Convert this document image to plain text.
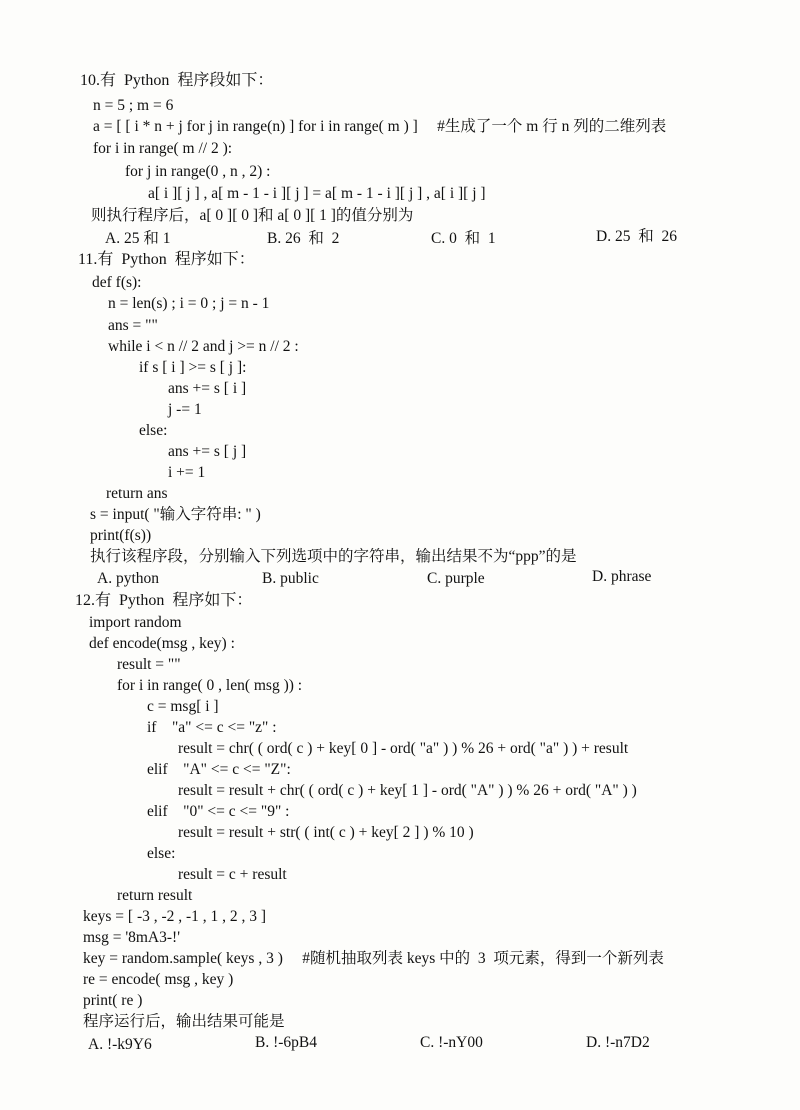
10.有  Python  程序段如下：
n = 5 ; m = 6
a = [ [ i * n + j for j in range(n) ] for i in range( m ) ]     #生成了一个 m 行 n 列的二维列表
for i in range( m // 2 ):
for j in range(0 , n , 2) :
a[ i ][ j ] , a[ m - 1 - i ][ j ] = a[ m - 1 - i ][ j ] , a[ i ][ j ]
则执行程序后，a[ 0 ][ 0 ]和 a[ 0 ][ 1 ]的值分别为
A. 25 和 1	B. 26  和  2	C. 0  和  1	D. 25  和  26
11.有  Python  程序如下：
def f(s):
n = len(s) ; i = 0 ; j = n - 1
ans = ""
while i < n // 2 and j >= n // 2 :
if s [ i ] >= s [ j ]:
ans += s [ i ]
j -= 1
else:
ans += s [ j ]
i += 1
return ans
s = input( "输入字符串: " )
print(f(s))
执行该程序段，分别输入下列选项中的字符串，输出结果不为“ppp”的是
A. python	B. public	C. purple	D. phrase
12.有  Python  程序如下：
import random
def encode(msg , key) :
result = ""
for i in range( 0 , len( msg )) :
c = msg[ i ]
if    "a" <= c <= "z" :
result = chr( ( ord( c ) + key[ 0 ] - ord( "a" ) ) % 26 + ord( "a" ) ) + result
elif    "A" <= c <= "Z":
result = result + chr( ( ord( c ) + key[ 1 ] - ord( "A" ) ) % 26 + ord( "A" ) )
elif    "0" <= c <= "9" :
result = result + str( ( int( c ) + key[ 2 ] ) % 10 )
else:
result = c + result
return result
keys = [ -3 , -2 , -1 , 1 , 2 , 3 ]
msg = '8mA3-!'
key = random.sample( keys , 3 )     #随机抽取列表 keys 中的  3  项元素，得到一个新列表
re = encode( msg , key )
print( re )
程序运行后，输出结果可能是
A. !-k9Y6	B. !-6pB4	C. !-nY00	D. !-n7D2
